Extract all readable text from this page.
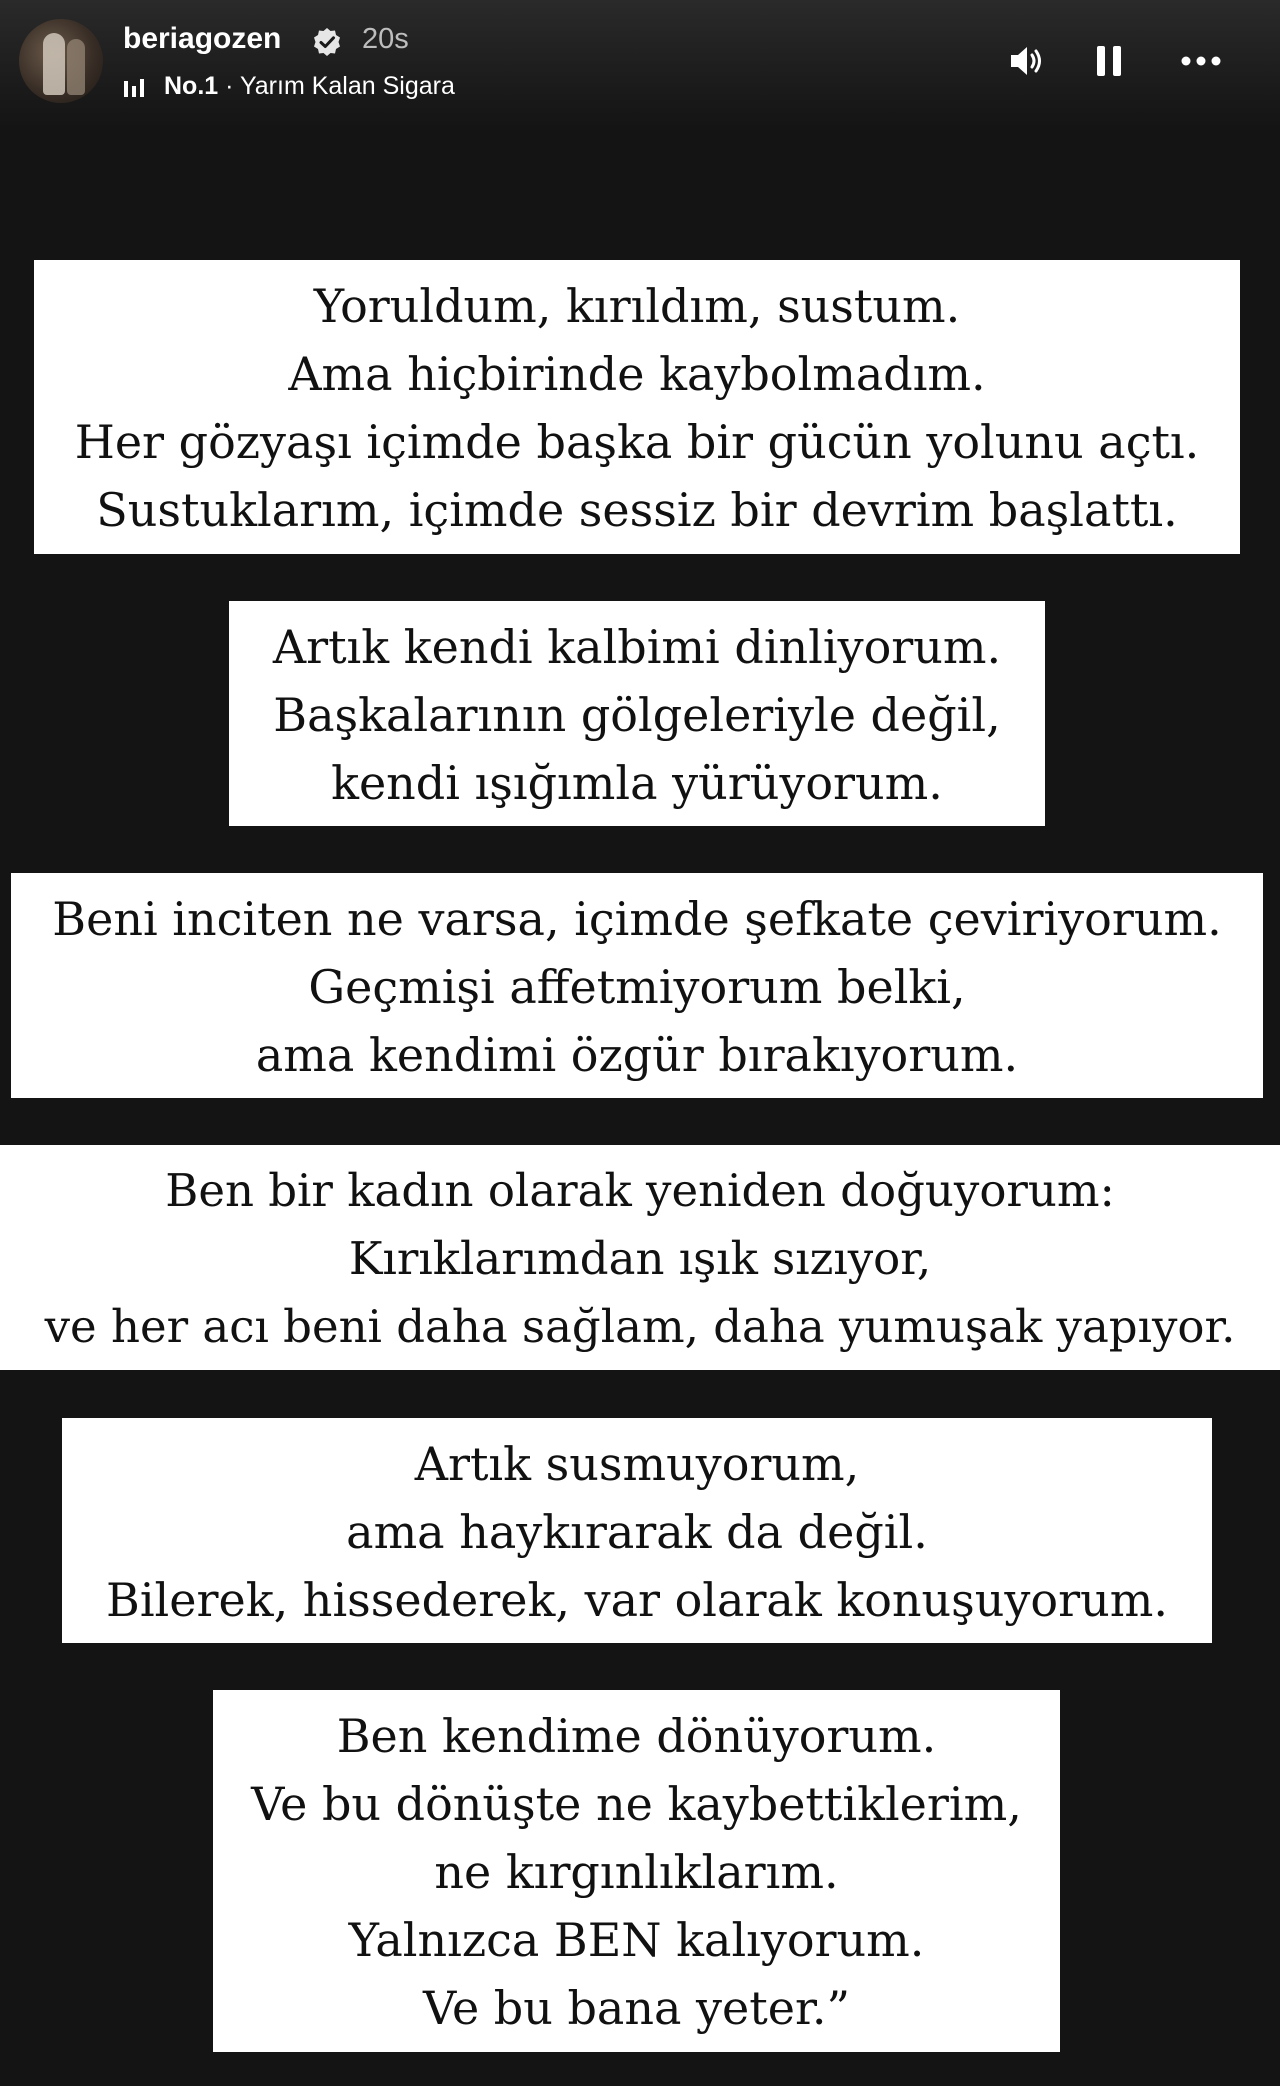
beriagozen	20s
No.1 · Yarım Kalan Sigara
Yoruldum, kırıldım, sustum.
Ama hiçbirinde kaybolmadım.
Her gözyaşı içimde başka bir gücün yolunu açtı.
Sustuklarım, içimde sessiz bir devrim başlattı.
Artık kendi kalbimi dinliyorum.
Başkalarının gölgeleriyle değil,
kendi ışığımla yürüyorum.
Beni inciten ne varsa, içimde şefkate çeviriyorum.
Geçmişi affetmiyorum belki,
ama kendimi özgür bırakıyorum.
Ben bir kadın olarak yeniden doğuyorum:
Kırıklarımdan ışık sızıyor,
ve her acı beni daha sağlam, daha yumuşak yapıyor.
Artık susmuyorum,
ama haykırarak da değil.
Bilerek, hissederek, var olarak konuşuyorum.
Ben kendime dönüyorum.
Ve bu dönüşte ne kaybettiklerim,
ne kırgınlıklarım.
Yalnızca BEN kalıyorum.
Ve bu bana yeter.”
